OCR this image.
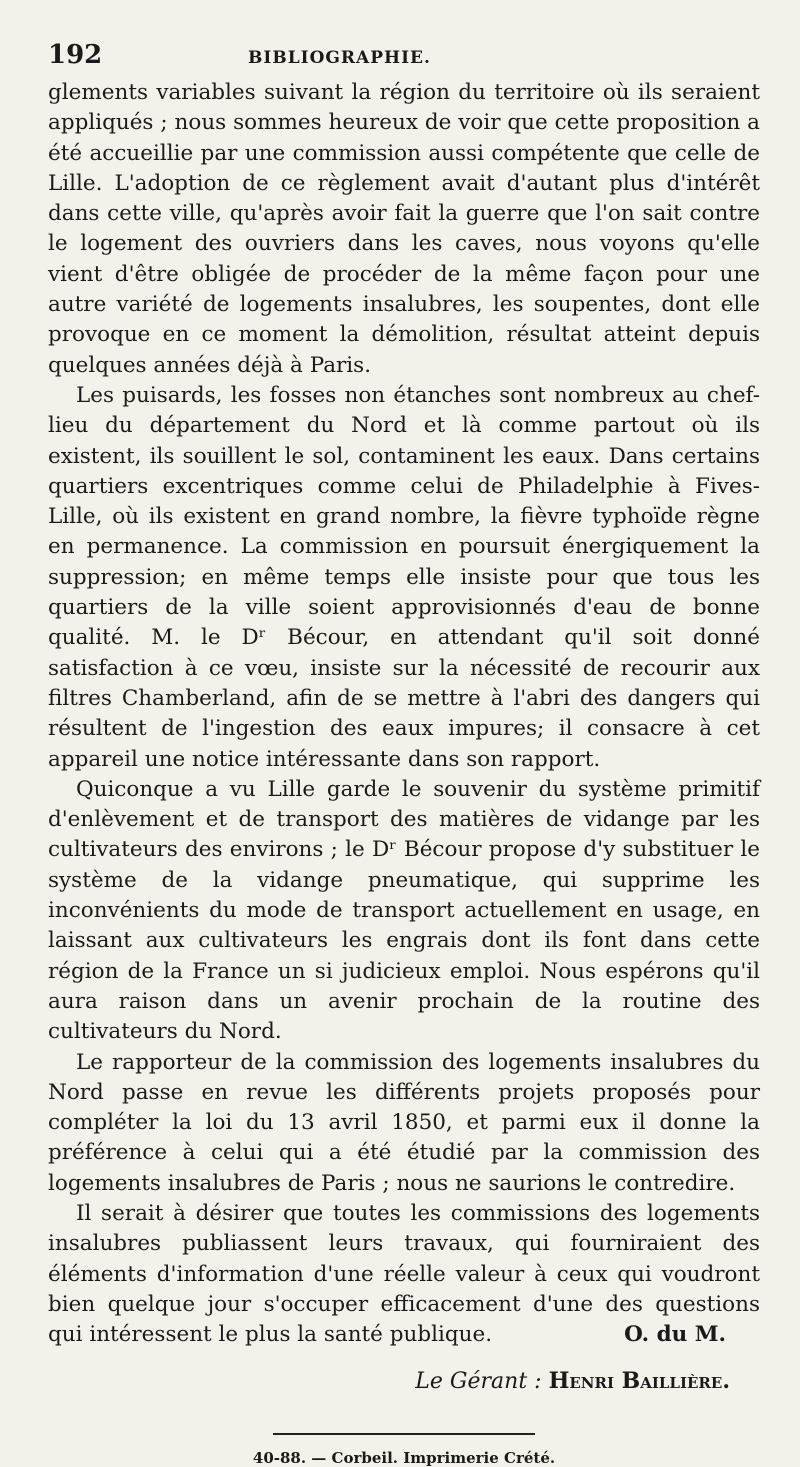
192	BIBLIOGRAPHIE.

glements variables suivant la région du territoire où ils seraient appliqués ; nous sommes heureux de voir que cette proposition a été accueillie par une commission aussi compétente que celle de Lille. L'adoption de ce règlement avait d'autant plus d'intérêt dans cette ville, qu'après avoir fait la guerre que l'on sait contre le logement des ouvriers dans les caves, nous voyons qu'elle vient d'être obligée de procéder de la même façon pour une autre variété de logements insalubres, les soupentes, dont elle provoque en ce moment la démolition, résultat atteint depuis quelques années déjà à Paris.

Les puisards, les fosses non étanches sont nombreux au chef-lieu du département du Nord et là comme partout où ils existent, ils souillent le sol, contaminent les eaux. Dans certains quartiers excentriques comme celui de Philadelphie à Fives-Lille, où ils existent en grand nombre, la fièvre typhoïde règne en permanence. La commission en poursuit énergiquement la suppression; en même temps elle insiste pour que tous les quartiers de la ville soient approvisionnés d'eau de bonne qualité. M. le Dʳ Bécour, en attendant qu'il soit donné satisfaction à ce vœu, insiste sur la nécessité de recourir aux filtres Chamberland, afin de se mettre à l'abri des dangers qui résultent de l'ingestion des eaux impures; il consacre à cet appareil une notice intéressante dans son rapport.

Quiconque a vu Lille garde le souvenir du système primitif d'enlèvement et de transport des matières de vidange par les cultivateurs des environs ; le Dʳ Bécour propose d'y substituer le système de la vidange pneumatique, qui supprime les inconvénients du mode de transport actuellement en usage, en laissant aux cultivateurs les engrais dont ils font dans cette région de la France un si judicieux emploi. Nous espérons qu'il aura raison dans un avenir prochain de la routine des cultivateurs du Nord.

Le rapporteur de la commission des logements insalubres du Nord passe en revue les différents projets proposés pour compléter la loi du 13 avril 1850, et parmi eux il donne la préférence à celui qui a été étudié par la commission des logements insalubres de Paris ; nous ne saurions le contredire.

Il serait à désirer que toutes les commissions des logements insalubres publiassent leurs travaux, qui fourniraient des éléments d'information d'une réelle valeur à ceux qui voudront bien quelque jour s'occuper efficacement d'une des questions qui intéressent le plus la santé publique.	O. du M.
Le Gérant : Henri Baillière.
40-88. — Corbeil. Imprimerie Crété.
